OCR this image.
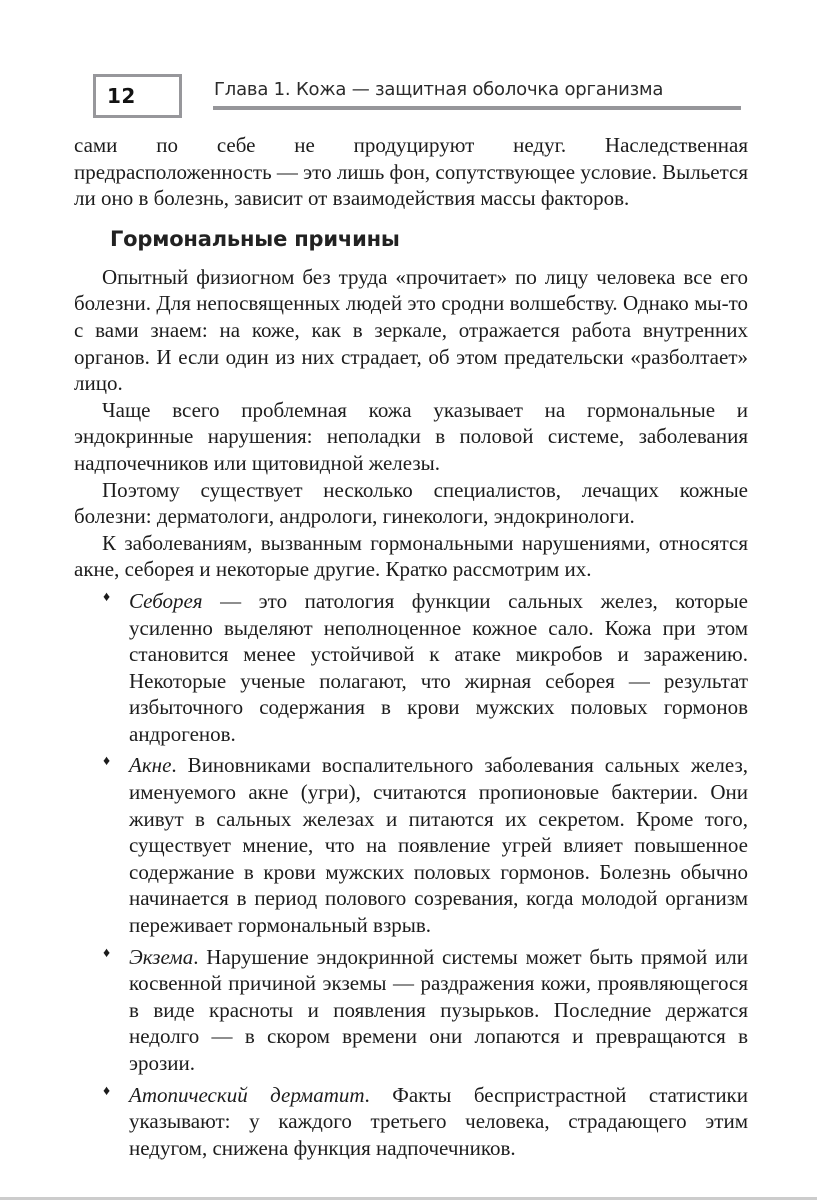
12	Глава 1. Кожа — защитная оболочка организма

сами по себе не продуцируют недуг. Наследственная предрасположенность — это лишь фон, сопутствующее условие. Выльется ли оно в болезнь, зависит от взаимодействия массы факторов.

Гормональные причины

Опытный физиогном без труда «прочитает» по лицу человека все его болезни. Для непосвященных людей это сродни волшебству. Однако мы-то с вами знаем: на коже, как в зеркале, отражается работа внутренних органов. И если один из них страдает, об этом предательски «разболтает» лицо.

Чаще всего проблемная кожа указывает на гормональные и эндокринные нарушения: неполадки в половой системе, заболевания надпочечников или щитовидной железы.

Поэтому существует несколько специалистов, лечащих кожные болезни: дерматологи, андрологи, гинекологи, эндокринологи.

К заболеваниям, вызванным гормональными нарушениями, относятся акне, себорея и некоторые другие. Кратко рассмотрим их.

♦ Себорея — это патология функции сальных желез, которые усиленно выделяют неполноценное кожное сало. Кожа при этом становится менее устойчивой к атаке микробов и заражению. Некоторые ученые полагают, что жирная себорея — результат избыточного содержания в крови мужских половых гормонов андрогенов.
♦ Акне. Виновниками воспалительного заболевания сальных желез, именуемого акне (угри), считаются пропионовые бактерии. Они живут в сальных железах и питаются их секретом. Кроме того, существует мнение, что на появление угрей влияет повышенное содержание в крови мужских половых гормонов. Болезнь обычно начинается в период полового созревания, когда молодой организм переживает гормональный взрыв.
♦ Экзема. Нарушение эндокринной системы может быть прямой или косвенной причиной экземы — раздражения кожи, проявляющегося в виде красноты и появления пузырьков. Последние держатся недолго — в скором времени они лопаются и превращаются в эрозии.
♦ Атопический дерматит. Факты беспристрастной статистики указывают: у каждого третьего человека, страдающего этим недугом, снижена функция надпочечников.
